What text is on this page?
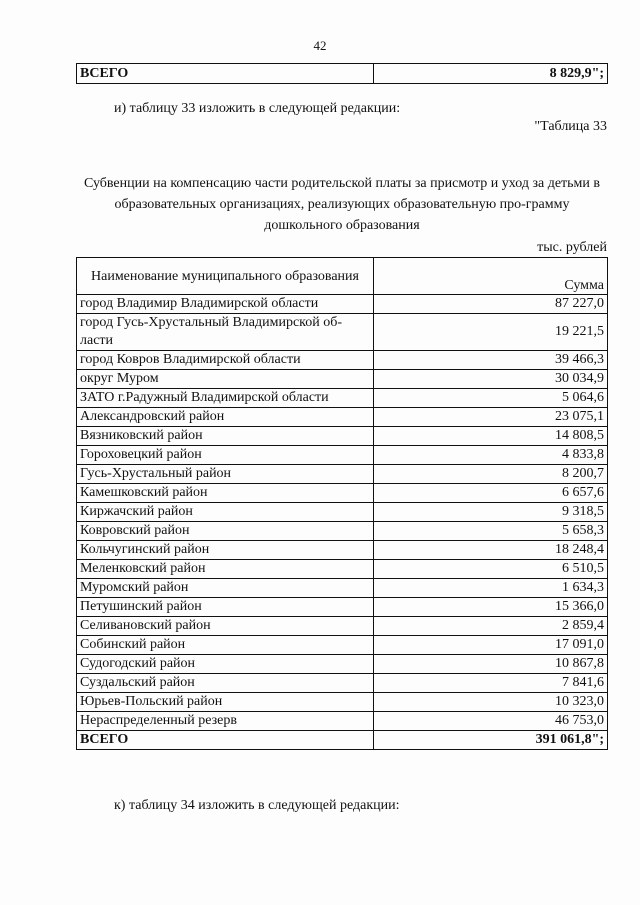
42
ВСЕГО	8 829,9";
и) таблицу 33 изложить в следующей редакции:
"Таблица 33
Субвенции на компенсацию части родительской платы за присмотр и уход за детьми в образовательных организациях, реализующих образовательную про-грамму дошкольного образования
тыс. рублей
Наименование муниципального образования	Сумма
город Владимир Владимирской области	87 227,0
город Гусь-Хрустальный Владимирской об-ласти	19 221,5
город Ковров Владимирской области	39 466,3
округ Муром	30 034,9
ЗАТО г.Радужный Владимирской области	5 064,6
Александровский район	23 075,1
Вязниковский район	14 808,5
Гороховецкий район	4 833,8
Гусь-Хрустальный район	8 200,7
Камешковский район	6 657,6
Киржачский район	9 318,5
Ковровский район	5 658,3
Кольчугинский район	18 248,4
Меленковский район	6 510,5
Муромский район	1 634,3
Петушинский район	15 366,0
Селивановский район	2 859,4
Собинский район	17 091,0
Судогодский район	10 867,8
Суздальский район	7 841,6
Юрьев-Польский район	10 323,0
Нераспределенный резерв	46 753,0
ВСЕГО	391 061,8";
к) таблицу 34 изложить в следующей редакции:
